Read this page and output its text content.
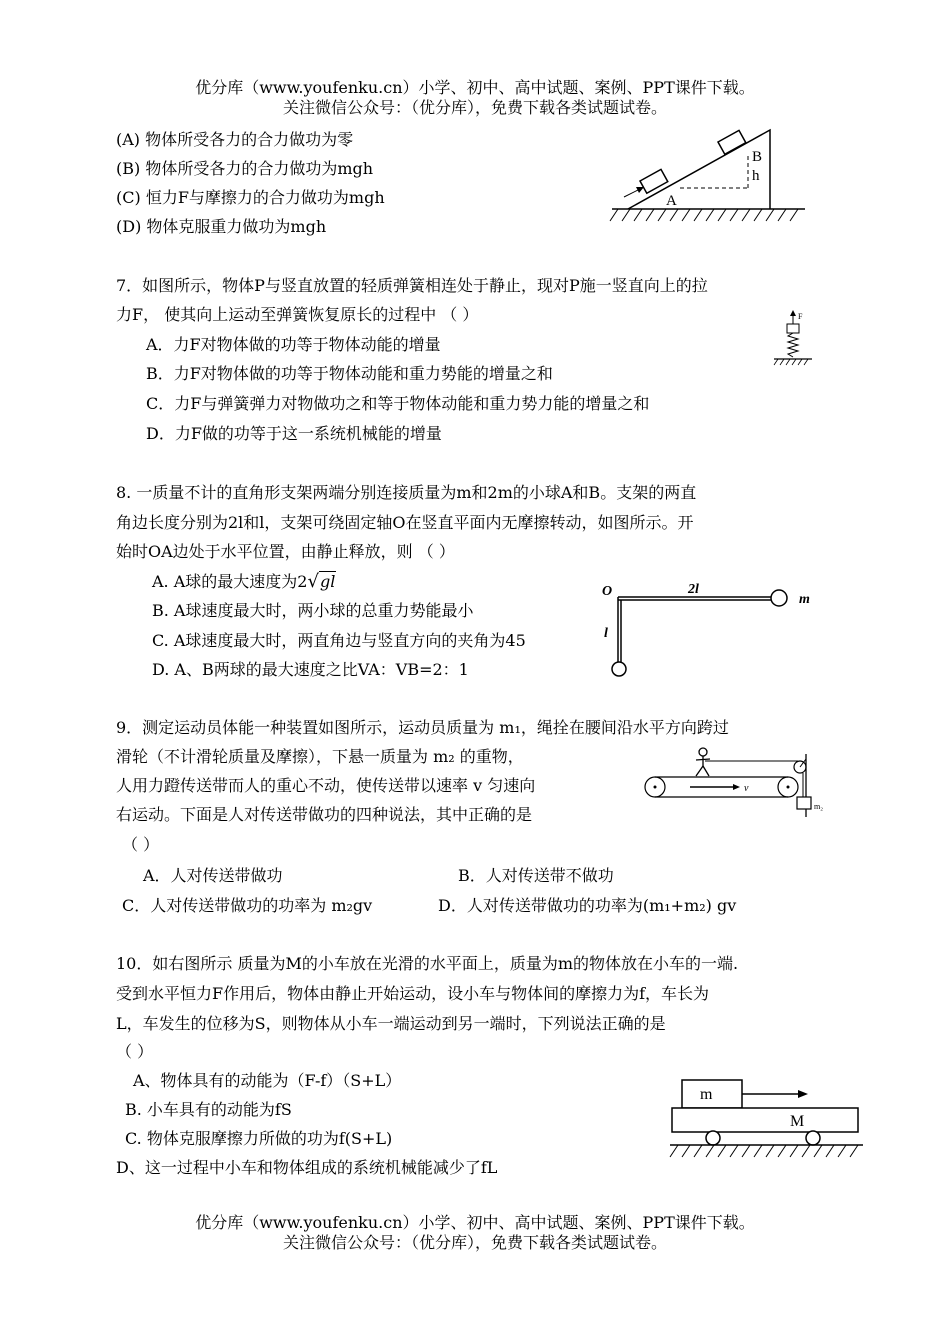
优分库（www.youfenku.cn）小学、初中、高中试题、案例、PPT课件下载。
关注微信公众号：（优分库），免费下载各类试题试卷。
(A) 物体所受各力的合力做功为零
(B) 物体所受各力的合力做功为mgh
(C) 恒力F与摩擦力的合力做功为mgh
(D) 物体克服重力做功为mgh
A
B
h
7．如图所示，物体P与竖直放置的轻质弹簧相连处于静止，现对P施一竖直向上的拉
力F， 使其向上运动至弹簧恢复原长的过程中 （ ）
A．力F对物体做的功等于物体动能的增量
B．力F对物体做的功等于物体动能和重力势能的增量之和
C．力F与弹簧弹力对物做功之和等于物体动能和重力势力能的增量之和
D．力F做的功等于这一系统机械能的增量
F
8. 一质量不计的直角形支架两端分别连接质量为m和2m的小球A和B。支架的两直
角边长度分别为2l和l，支架可绕固定轴O在竖直平面内无摩擦转动，如图所示。开
始时OA边处于水平位置，由静止释放，则 （ ）
A. A球的最大速度为2√gl
B. A球速度最大时，两小球的总重力势能最小
C. A球速度最大时，两直角边与竖直方向的夹角为45
D. A、B两球的最大速度之比VA：VB=2：1
O	2l
l
m
9．测定运动员体能一种装置如图所示，运动员质量为 m₁，绳拴在腰间沿水平方向跨过
滑轮（不计滑轮质量及摩擦），下悬一质量为 m₂ 的重物，
人用力蹬传送带而人的重心不动，使传送带以速率 v 匀速向
右运动。下面是人对传送带做功的四种说法，其中正确的是
（ ）
A．人对传送带做功	B．人对传送带不做功
C．人对传送带做功的功率为 m₂gv	D．人对传送带做功的功率为(m₁+m₂) gv
v
m₂
10．如右图所示 质量为M的小车放在光滑的水平面上，质量为m的物体放在小车的一端.
受到水平恒力F作用后，物体由静止开始运动，设小车与物体间的摩擦力为f，车长为
L，车发生的位移为S，则物体从小车一端运动到另一端时，下列说法正确的是
（ ）
A、物体具有的动能为（F-f）（S+L）
B. 小车具有的动能为fS
C. 物体克服摩擦力所做的功为f(S+L)
D、这一过程中小车和物体组成的系统机械能减少了fL
m
M
优分库（www.youfenku.cn）小学、初中、高中试题、案例、PPT课件下载。
关注微信公众号：（优分库），免费下载各类试题试卷。
